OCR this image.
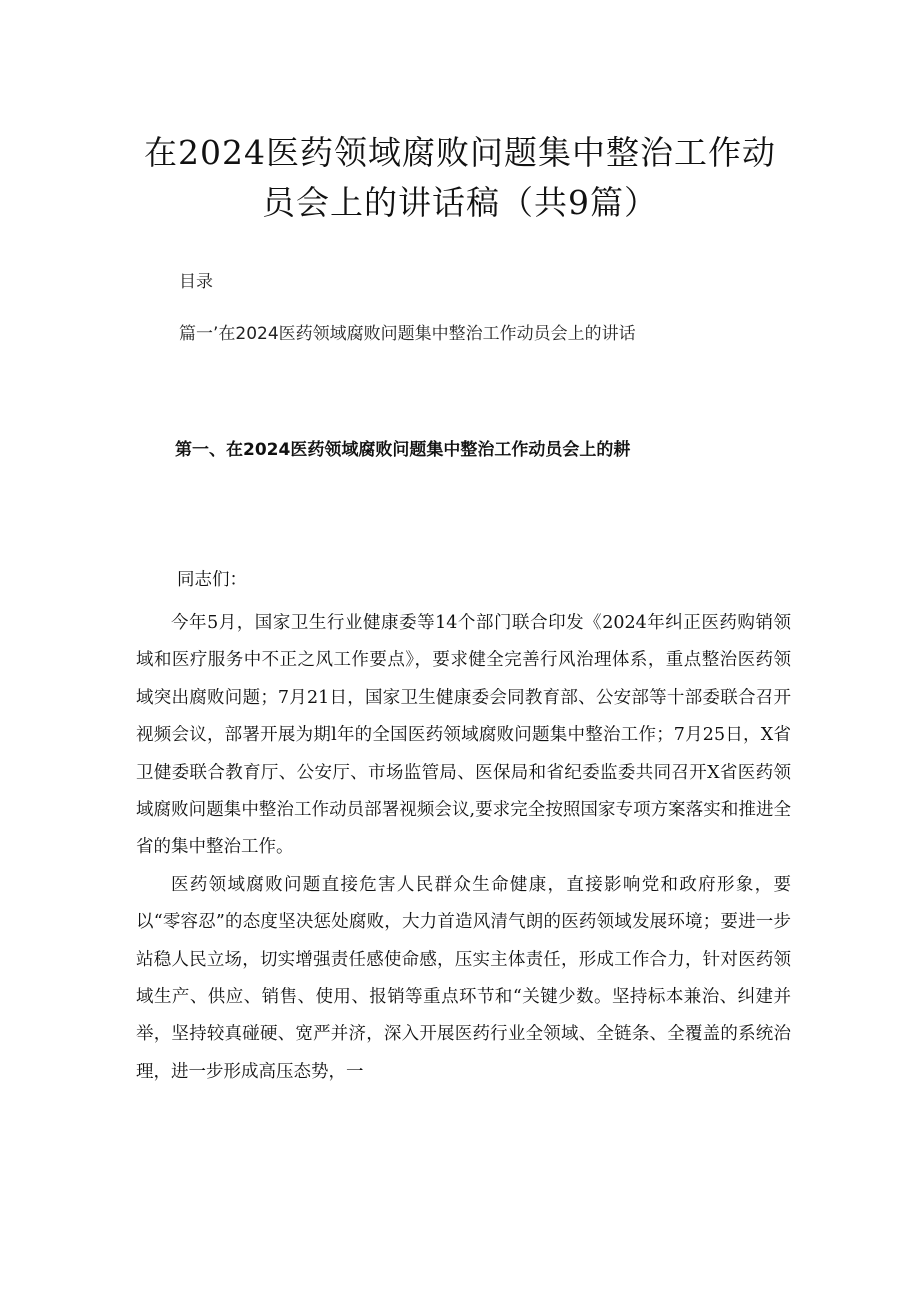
在2024医药领域腐败问题集中整治工作动员会上的讲话稿（共9篇）
目录
篇一’在2024医药领域腐败问题集中整治工作动员会上的讲话
第一、在2024医药领域腐败问题集中整治工作动员会上的耕
同志们：

今年5月，国家卫生行业健康委等14个部门联合印发《2024年纠正医药购销领域和医疗服务中不正之风工作要点》，要求健全完善行风治理体系，重点整治医药领域突出腐败问题；7月21日，国家卫生健康委会同教育部、公安部等十部委联合召开视频会议，部署开展为期l年的全国医药领域腐败问题集中整治工作；7月25日，X省卫健委联合教育厅、公安厅、市场监管局、医保局和省纪委监委共同召开X省医药领域腐败问题集中整治工作动员部署视频会议,要求完全按照国家专项方案落实和推进全省的集中整治工作。

医药领域腐败问题直接危害人民群众生命健康，直接影响党和政府形象，要以“零容忍”的态度坚决惩处腐败，大力首造风清气朗的医药领域发展环境；要进一步站稳人民立场，切实增强责任感使命感，压实主体责任，形成工作合力，针对医药领域生产、供应、销售、使用、报销等重点环节和“关键少数。坚持标本兼治、纠建并举，坚持较真碰硬、宽严并济，深入开展医药行业全领域、全链条、全覆盖的系统治理，进一步形成高压态势，一
